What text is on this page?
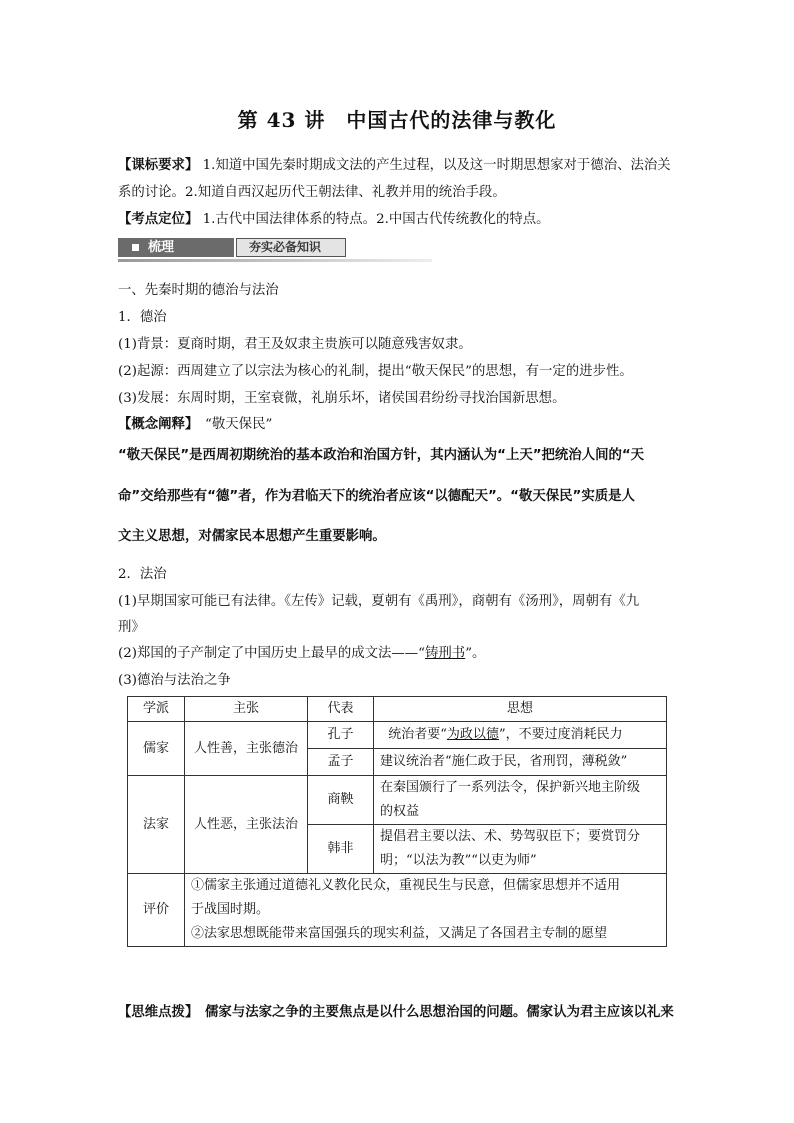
第 43 讲　中国古代的法律与教化
【课标要求】 1.知道中国先秦时期成文法的产生过程，以及这一时期思想家对于德治、法治关
系的讨论。2.知道自西汉起历代王朝法律、礼教并用的统治手段。
【考点定位】 1.古代中国法律体系的特点。2.中国古代传统教化的特点。
梳理	夯实必备知识
一、先秦时期的德治与法治
1．德治
(1)背景：夏商时期，君王及奴隶主贵族可以随意残害奴隶。
(2)起源：西周建立了以宗法为核心的礼制，提出“敬天保民”的思想，有一定的进步性。
(3)发展：东周时期，王室衰微，礼崩乐坏，诸侯国君纷纷寻找治国新思想。
【概念阐释】　“敬天保民”
“敬天保民”是西周初期统治的基本政治和治国方针，其内涵认为“上天”把统治人间的“天
命”交给那些有“德”者，作为君临天下的统治者应该“以德配天”。“敬天保民”实质是人
文主义思想，对儒家民本思想产生重要影响。
2．法治
(1)早期国家可能已有法律。《左传》记载，夏朝有《禹刑》，商朝有《汤刑》，周朝有《九
刑》
(2)郑国的子产制定了中国历史上最早的成文法——“铸刑书”。
(3)德治与法治之争
学派	主张	代表	思想
儒家	人性善，主张德治	孔子	统治者要“为政以德”，不要过度消耗民力
		孟子	建议统治者“施仁政于民，省刑罚，薄税敛”
法家	人性恶，主张法治	商鞅	在秦国颁行了一系列法令，保护新兴地主阶级
的权益

		韩非	提倡君主要以法、术、势驾驭臣下；要赏罚分
明；“以法为教”“以吏为师”

评价	①儒家主张通过道德礼义教化民众，重视民生与民意，但儒家思想并不适用
于战国时期。
②法家思想既能带来富国强兵的现实利益，又满足了各国君主专制的愿望		
【思维点拨】　儒家与法家之争的主要焦点是以什么思想治国的问题。儒家认为君主应该以礼来
